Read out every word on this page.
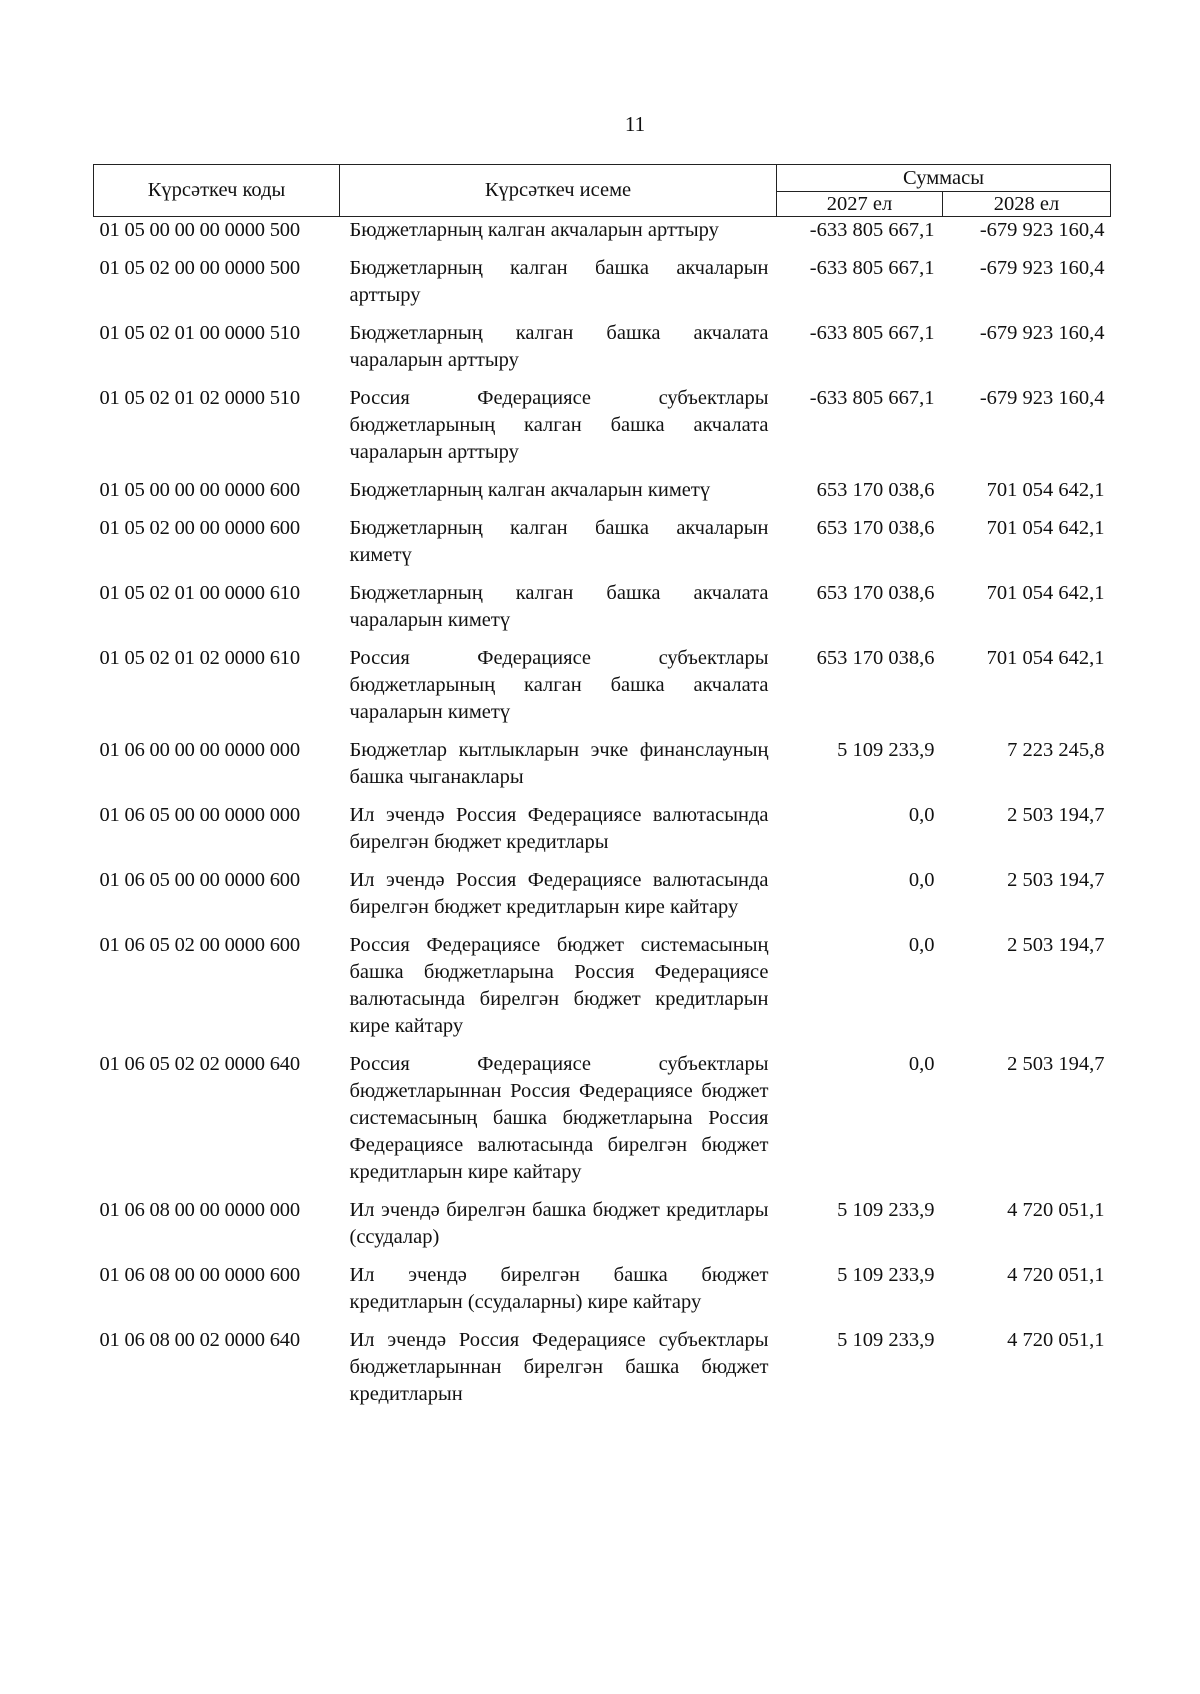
11
Күрсәткеч коды	Күрсәткеч исеме	Суммасы	
		2027 ел	2028 ел
01 05 00 00 00 0000 500	Бюджетларның калган акчаларын арттыру	-633 805 667,1	-679 923 160,4
01 05 02 00 00 0000 500	Бюджетларның калган башка акчаларын арттыру	-633 805 667,1	-679 923 160,4
01 05 02 01 00 0000 510	Бюджетларның калган башка акчалата чараларын арттыру	-633 805 667,1	-679 923 160,4
01 05 02 01 02 0000 510	Россия Федерациясе субъектлары бюджетларының калган башка акчалата чараларын арттыру	-633 805 667,1	-679 923 160,4
01 05 00 00 00 0000 600	Бюджетларның калган акчаларын киметү	653 170 038,6	701 054 642,1
01 05 02 00 00 0000 600	Бюджетларның калган башка акчаларын киметү	653 170 038,6	701 054 642,1
01 05 02 01 00 0000 610	Бюджетларның калган башка акчалата чараларын киметү	653 170 038,6	701 054 642,1
01 05 02 01 02 0000 610	Россия Федерациясе субъектлары бюджетларының калган башка акчалата чараларын киметү	653 170 038,6	701 054 642,1
01 06 00 00 00 0000 000	Бюджетлар кытлыкларын эчке финанслауның башка чыганаклары	5 109 233,9	7 223 245,8
01 06 05 00 00 0000 000	Ил эчендә Россия Федерациясе валютасында бирелгән бюджет кредитлары	0,0	2 503 194,7
01 06 05 00 00 0000 600	Ил эчендә Россия Федерациясе валютасында бирелгән бюджет кредитларын кире кайтару	0,0	2 503 194,7
01 06 05 02 00 0000 600	Россия Федерациясе бюджет системасының башка бюджетларына Россия Федерациясе валютасында бирелгән бюджет кредитларын кире кайтару	0,0	2 503 194,7
01 06 05 02 02 0000 640	Россия Федерациясе субъектлары бюджетларыннан Россия Федерациясе бюджет системасының башка бюджетларына Россия Федерациясе валютасында бирелгән бюджет кредитларын кире кайтару	0,0	2 503 194,7
01 06 08 00 00 0000 000	Ил эчендә бирелгән башка бюджет кредитлары (ссудалар)	5 109 233,9	4 720 051,1
01 06 08 00 00 0000 600	Ил эчендә бирелгән башка бюджет кредитларын (ссудаларны) кире кайтару	5 109 233,9	4 720 051,1
01 06 08 00 02 0000 640	Ил эчендә Россия Федерациясе субъектлары бюджетларыннан бирелгән башка бюджет кредитларын	5 109 233,9	4 720 051,1
